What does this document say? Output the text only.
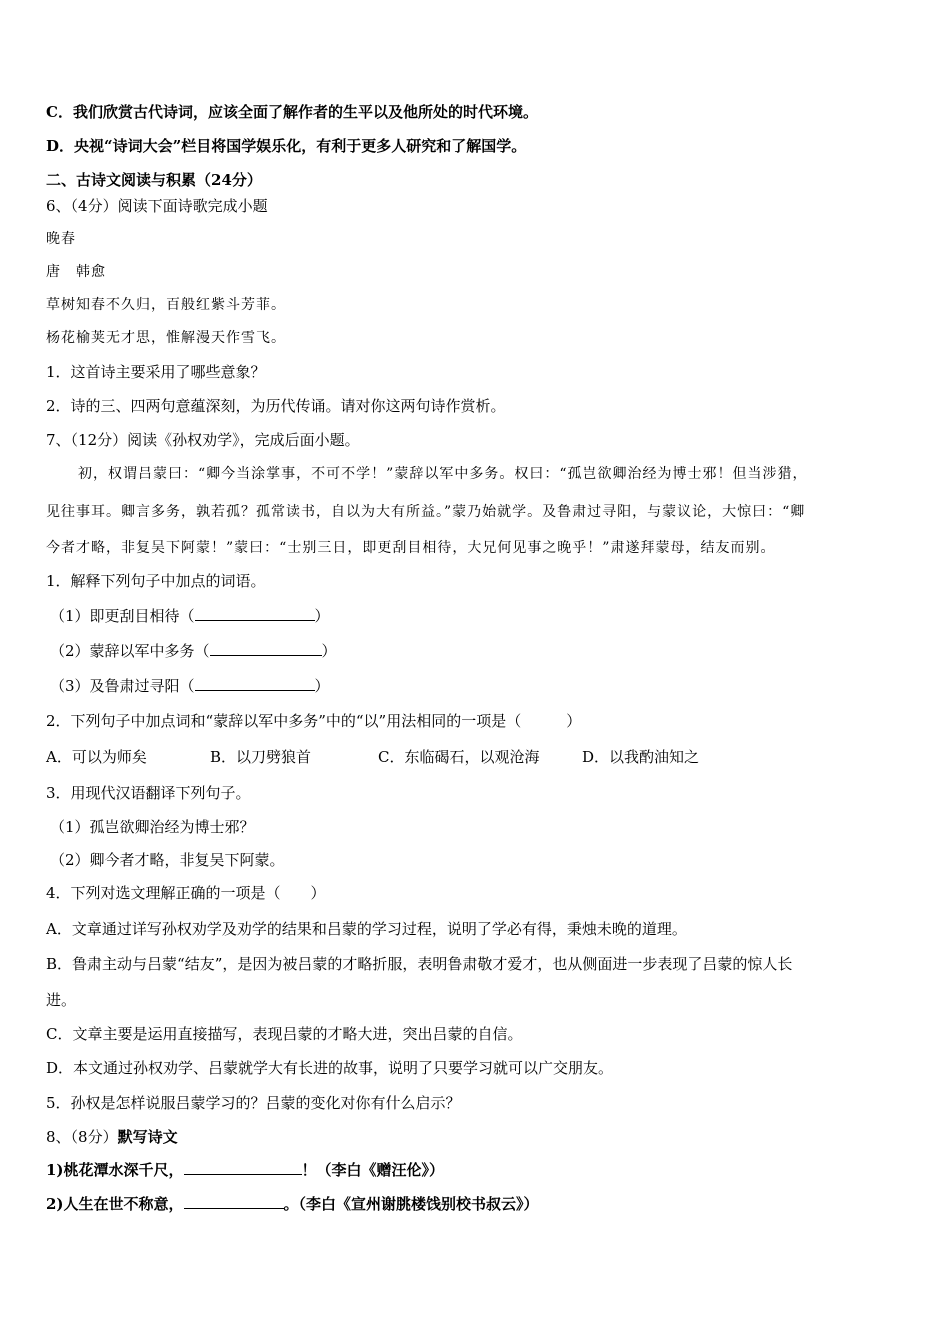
C．我们欣赏古代诗词，应该全面了解作者的生平以及他所处的时代环境。
D．央视“诗词大会”栏目将国学娱乐化，有利于更多人研究和了解国学。
二、古诗文阅读与积累（24分）
6、（4分）阅读下面诗歌完成小题
晚春
唐　韩愈
草树知春不久归，百般红紫斗芳菲。
杨花榆荚无才思，惟解漫天作雪飞。
1．这首诗主要采用了哪些意象？
2．诗的三、四两句意蕴深刻，为历代传诵。请对你这两句诗作赏析。
7、（12分）阅读《孙权劝学》，完成后面小题。
初，权谓吕蒙曰：“卿今当涂掌事，不可不学！”蒙辞以军中多务。权曰：“孤岂欲卿治经为博士邪！但当涉猎，
见往事耳。卿言多务，孰若孤？孤常读书，自以为大有所益。”蒙乃始就学。及鲁肃过寻阳，与蒙议论，大惊曰：“卿
今者才略，非复吴下阿蒙！”蒙曰：“士别三日，即更刮目相待，大兄何见事之晚乎！”肃遂拜蒙母，结友而别。
1．解释下列句子中加点的词语。
（1）即更刮目相待（	）
（2）蒙辞以军中多务（	）
（3）及鲁肃过寻阳（	）
2．下列句子中加点词和“蒙辞以军中多务”中的“以”用法相同的一项是（　　　）
A．可以为师矣	B．以刀劈狼首	C．东临碣石，以观沧海	D．以我酌油知之
3．用现代汉语翻译下列句子。
（1）孤岂欲卿治经为博士邪？
（2）卿今者才略，非复吴下阿蒙。
4．下列对选文理解正确的一项是（　　）
A．文章通过详写孙权劝学及劝学的结果和吕蒙的学习过程，说明了学必有得，秉烛未晚的道理。
B．鲁肃主动与吕蒙“结友”，是因为被吕蒙的才略折服，表明鲁肃敬才爱才，也从侧面进一步表现了吕蒙的惊人长
进。
C．文章主要是运用直接描写，表现吕蒙的才略大进，突出吕蒙的自信。
D．本文通过孙权劝学、吕蒙就学大有长进的故事，说明了只要学习就可以广交朋友。
5．孙权是怎样说服吕蒙学习的？吕蒙的变化对你有什么启示？
8、（8分）默写诗文
1)桃花潭水深千尺，	！（李白《赠汪伦》）
2)人生在世不称意，	。（李白《宣州谢朓楼饯别校书叔云》）
